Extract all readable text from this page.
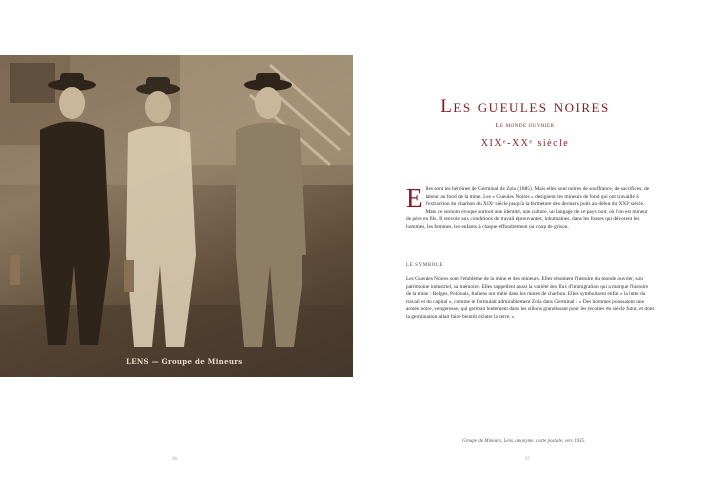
LENS — Groupe de Mineurs
Les gueules noires
Le monde ouvrier
XIXᵉ-XXᵉ siècle
E lles sont les héroïnes de Germinal de Zola (1885). Mais elles sont noires de souffrance, de sacrifices, de labeur au fond de la mine. Les « Gueules Noires » désignent les mineurs de fond qui ont travaillé à l'extraction du charbon du XIXᵉ siècle jusqu'à la fermeture des derniers puits au début du XXIᵉ siècle. Mais ce surnom évoque surtout une identité, une culture, un langage de ce pays noir, où l'on est mineur de père en fils. Il renvoie aux conditions de travail éprouvantes, inhumaines, dans les fosses qui dévorent les hommes, les femmes, les enfants à chaque effondrement ou coup de grisou.
LE SYMBOLE
Les Gueules Noires sont l'emblème de la mine et des mineurs. Elles résument l'histoire du monde ouvrier, son patrimoine industriel, sa mémoire. Elles rappellent aussi la variété des flux d'immigration qui a marqué l'histoire de la mine : Belges, Polonais, Italiens ont mêlé dans les mines de charbon. Elles symbolisent enfin « la lutte du travail et du capital », comme le formulait admirablement Zola dans Germinal : « Des hommes poussaient une armée noire, vengeresse, qui germait lentement dans les sillons grandissant pour les récoltes du siècle futur, et dont la germination allait faire bientôt éclater la terre. »
Groupe de Mineurs, Lens, anonyme, carte postale, vers 1935.
36	37
